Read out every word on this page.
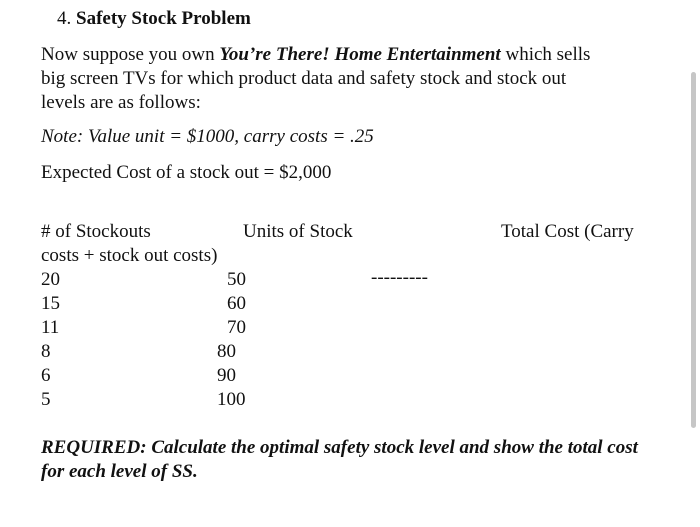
4. Safety Stock Problem
Now suppose you own You’re There! Home Entertainment which sells
big screen TVs for which product data and safety stock and stock out
levels are as follows:
Note: Value unit = $1000, carry costs = .25
Expected Cost of a stock out = $2,000
# of Stockouts	Units of Stock	Total Cost (Carry
costs + stock out costs)
---------
20	50
15	60
11	70
8	80
6	90
5	100
REQUIRED: Calculate the optimal safety stock level and show the total cost for each level of SS.
